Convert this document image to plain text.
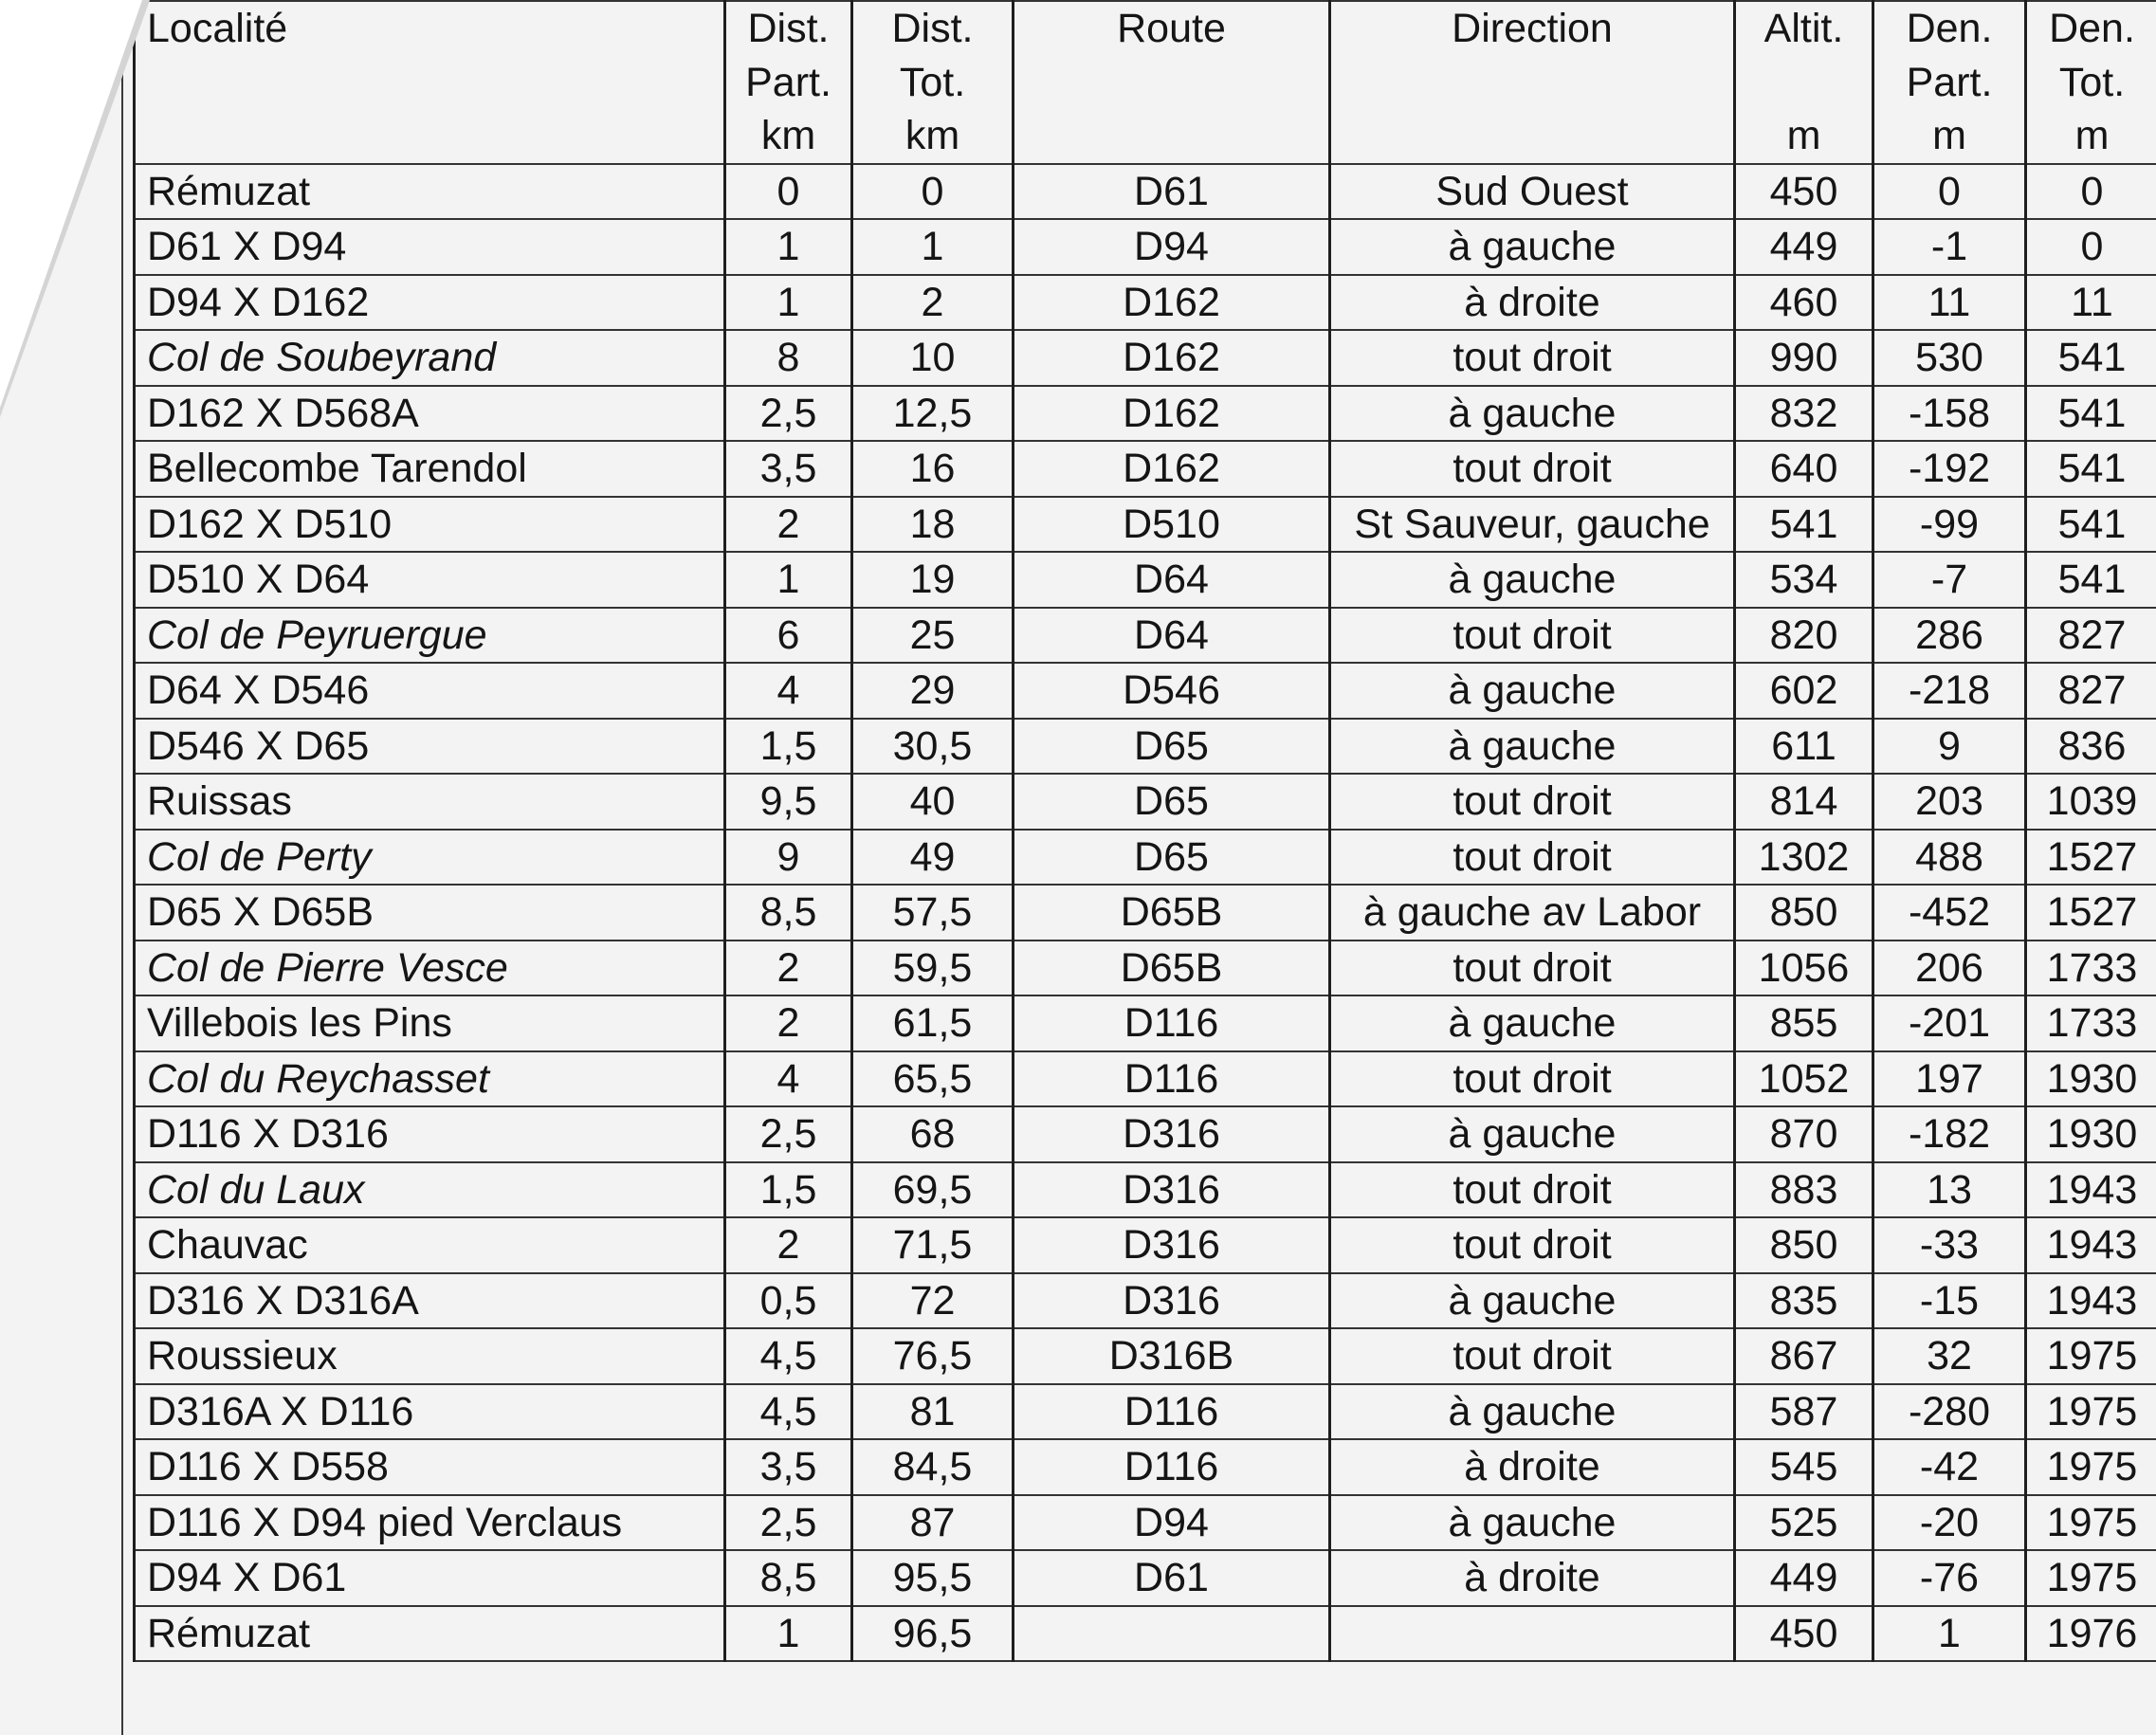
Localité	Dist.	Dist.	Route	Direction	Altit.	Den.	Den.
	Part.	Tot.				Part.	Tot.
	km	km			m	m	m
Rémuzat	0	0	D61	Sud Ouest	450	0	0
D61 X D94	1	1	D94	à gauche	449	-1	0
D94 X D162	1	2	D162	à droite	460	11	11
Col de Soubeyrand	8	10	D162	tout droit	990	530	541
D162 X D568A	2,5	12,5	D162	à gauche	832	-158	541
Bellecombe Tarendol	3,5	16	D162	tout droit	640	-192	541
D162 X D510	2	18	D510	St Sauveur, gauche	541	-99	541
D510 X D64	1	19	D64	à gauche	534	-7	541
Col de Peyruergue	6	25	D64	tout droit	820	286	827
D64 X D546	4	29	D546	à gauche	602	-218	827
D546 X D65	1,5	30,5	D65	à gauche	611	9	836
Ruissas	9,5	40	D65	tout droit	814	203	1039
Col de Perty	9	49	D65	tout droit	1302	488	1527
D65 X D65B	8,5	57,5	D65B	à gauche av Labor	850	-452	1527
Col de Pierre Vesce	2	59,5	D65B	tout droit	1056	206	1733
Villebois les Pins	2	61,5	D116	à gauche	855	-201	1733
Col du Reychasset	4	65,5	D116	tout droit	1052	197	1930
D116 X D316	2,5	68	D316	à gauche	870	-182	1930
Col du Laux	1,5	69,5	D316	tout droit	883	13	1943
Chauvac	2	71,5	D316	tout droit	850	-33	1943
D316 X D316A	0,5	72	D316	à gauche	835	-15	1943
Roussieux	4,5	76,5	D316B	tout droit	867	32	1975
D316A X D116	4,5	81	D116	à gauche	587	-280	1975
D116 X D558	3,5	84,5	D116	à droite	545	-42	1975
D116 X D94 pied Verclaus	2,5	87	D94	à gauche	525	-20	1975
D94 X D61	8,5	95,5	D61	à droite	449	-76	1975
Rémuzat	1	96,5			450	1	1976
